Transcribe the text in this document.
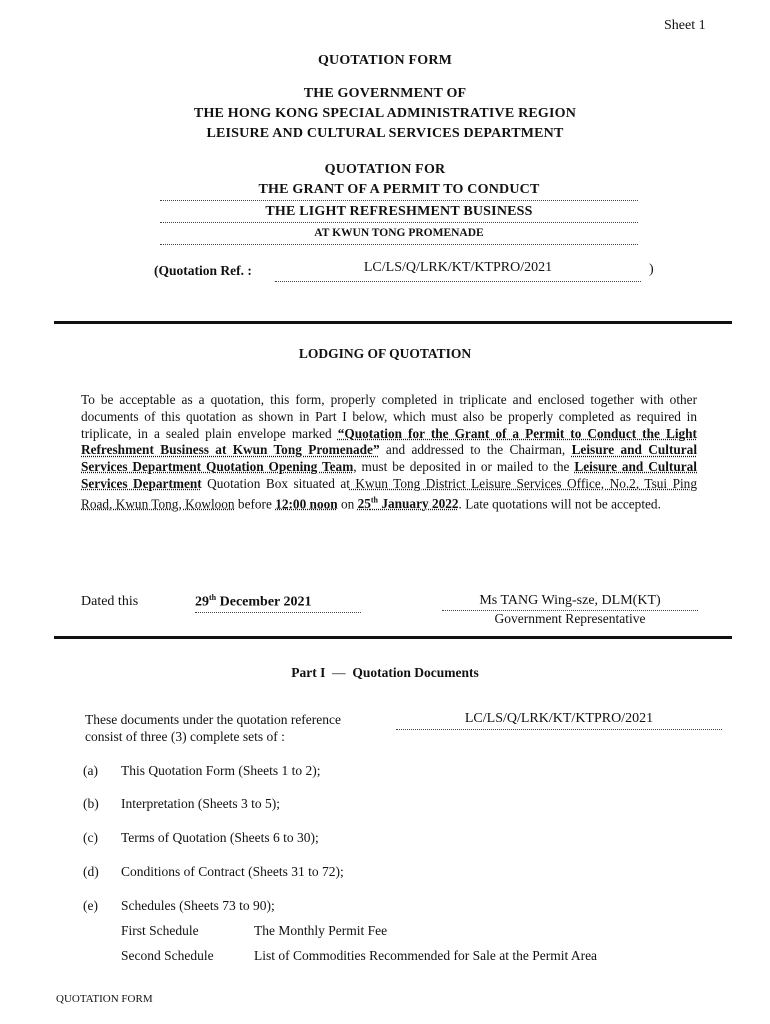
Sheet 1
QUOTATION FORM
THE GOVERNMENT OF
THE HONG KONG SPECIAL ADMINISTRATIVE REGION
LEISURE AND CULTURAL SERVICES DEPARTMENT
QUOTATION FOR
THE GRANT OF A PERMIT TO CONDUCT
THE LIGHT REFRESHMENT BUSINESS
AT KWUN TONG PROMENADE
(Quotation Ref. :	LC/LS/Q/LRK/KT/KTPRO/2021	)
LODGING OF QUOTATION
To be acceptable as a quotation, this form, properly completed in triplicate and enclosed together with other documents of this quotation as shown in Part I below, which must also be properly completed as required in triplicate, in a sealed plain envelope marked “Quotation for the Grant of a Permit to Conduct the Light Refreshment Business at Kwun Tong Promenade” and addressed to the Chairman, Leisure and Cultural Services Department Quotation Opening Team, must be deposited in or mailed to the Leisure and Cultural Services Department Quotation Box situated at Kwun Tong District Leisure Services Office, No.2, Tsui Ping Road, Kwun Tong, Kowloon before 12:00 noon on 25th January 2022. Late quotations will not be accepted.
Dated this	29th December 2021	Ms TANG Wing-sze, DLM(KT)
Government Representative
Part I — Quotation Documents
These documents under the quotation reference
consist of three (3) complete sets of :
LC/LS/Q/LRK/KT/KTPRO/2021
(a) This Quotation Form (Sheets 1 to 2);
(b) Interpretation (Sheets 3 to 5);
(c) Terms of Quotation (Sheets 6 to 30);
(d) Conditions of Contract (Sheets 31 to 72);
(e) Schedules (Sheets 73 to 90);
First Schedule	The Monthly Permit Fee
Second Schedule	List of Commodities Recommended for Sale at the Permit Area
QUOTATION FORM
